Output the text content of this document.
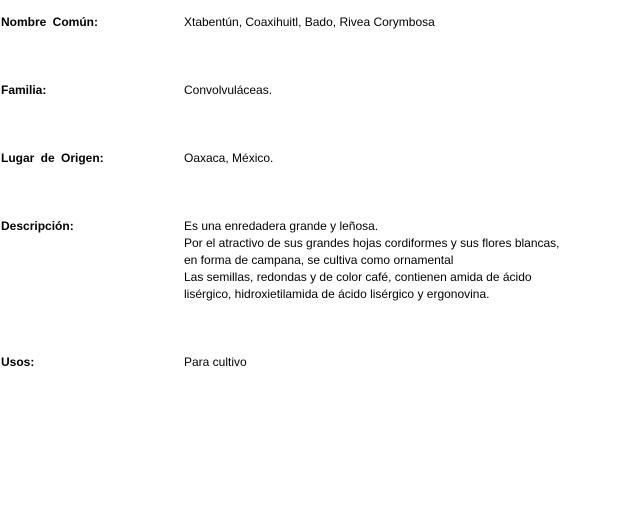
Nombre Común:	Xtabentún, Coaxihuitl, Bado, Rivea Corymbosa
Familia:	Convolvuláceas.
Lugar de Origen:	Oaxaca, México.
Descripción:	Es una enredadera grande y leñosa.
Por el atractivo de sus grandes hojas cordiformes y sus flores blancas,
en forma de campana, se cultiva como ornamental
Las semillas, redondas y de color café, contienen amida de ácido
lisérgico, hidroxietilamida de ácido lisérgico y ergonovina.
Usos:	Para cultivo
